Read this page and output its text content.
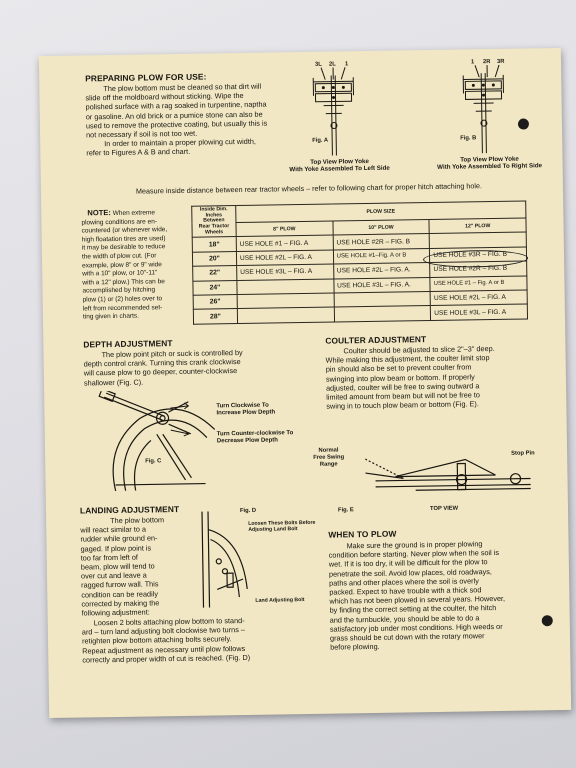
PREPARING PLOW FOR USE:
The plow bottom must be cleaned so that dirt will
slide off the moldboard without sticking. Wipe the
polished surface with a rag soaked in turpentine, naptha
or gasoline. An old brick or a pumice stone can also be
used to remove the protective coating, but usually this is
not necessary if soil is not too wet.
In order to maintain a proper plowing cut width,
refer to Figures A & B and chart.
3L 2L 1
Fig. A
Top View Plow Yoke
With Yoke Assembled To Left Side
1 2R 3R
Fig. B
Top View Plow Yoke
With Yoke Assembled To Right Side
Measure inside distance between rear tractor wheels – refer to following chart for proper hitch attaching hole.
NOTE: When extreme
plowing conditions are en-
countered (or whenever wide,
high floatation tires are used)
it may be desirable to reduce
the width of plow cut. (For
example, plow 8" or 9" wide
with a 10" plow, or 10"-11"
with a 12" plow.) This can be
accomplished by hitching
plow (1) or (2) holes over to
left from recommended set-
ting given in charts.
Inside Dim.
Inches
Between
Rear Tractor
Wheels	PLOW SIZE		
	8" PLOW	10" PLOW	12" PLOW
18"	USE HOLE #1 – FIG. A	USE HOLE #2R – FIG. B	
20"	USE HOLE #2L – FIG. A	USE HOLE #1–Fig. A or B	USE HOLE #3R – FIG. B
22"	USE HOLE #3L – FIG. A	USE HOLE #2L – FIG. A.	USE HOLE #2R – FIG. B
24"		USE HOLE #3L – FIG. A.	USE HOLE #1 – Fig. A or B
26"			USE HOLE #2L – FIG. A
28"			USE HOLE #3L – FIG. A
DEPTH ADJUSTMENT
The plow point pitch or suck is controlled by
depth control crank. Turning this crank clockwise
will cause plow to go deeper, counter-clockwise
shallower (Fig. C).
Turn Clockwise To
Increase Plow Depth
Turn Counter-clockwise To
Decrease Plow Depth
Fig. C
COULTER ADJUSTMENT
Coulter should be adjusted to slice 2"–3" deep.
While making this adjustment, the coulter limit stop
pin should also be set to prevent coulter from
swinging into plow beam or bottom. If properly
adjusted, coulter will be free to swing outward a
limited amount from beam but will not be free to
swing in to touch plow beam or bottom (Fig. E).
Normal
Free Swing
Range
Stop Pin
Fig. E	TOP VIEW
LANDING ADJUSTMENT
The plow bottom
will react similar to a
rudder while ground en-
gaged. If plow point is
too far from left of
beam, plow will tend to
over cut and leave a
ragged furrow wall. This
condition can be readily
corrected by making the
following adjustment:
Loosen 2 bolts attaching plow bottom to stand-
ard – turn land adjusting bolt clockwise two turns –
retighten plow bottom attaching bolts securely.
Repeat adjustment as necessary until plow follows
correctly and proper width of cut is reached. (Fig. D)
Fig. D
Loosen These Bolts Before
Adjusting Land Bolt
Land Adjusting Bolt
WHEN TO PLOW
Make sure the ground is in proper plowing
condition before starting. Never plow when the soil is
wet. If it is too dry, it will be difficult for the plow to
penetrate the soil. Avoid low places, old roadways,
paths and other places where the soil is overly
packed. Expect to have trouble with a thick sod
which has not been plowed in several years. However,
by finding the correct setting at the coulter, the hitch
and the turnbuckle, you should be able to do a
satisfactory job under most conditions. High weeds or
grass should be cut down with the rotary mower
before plowing.
